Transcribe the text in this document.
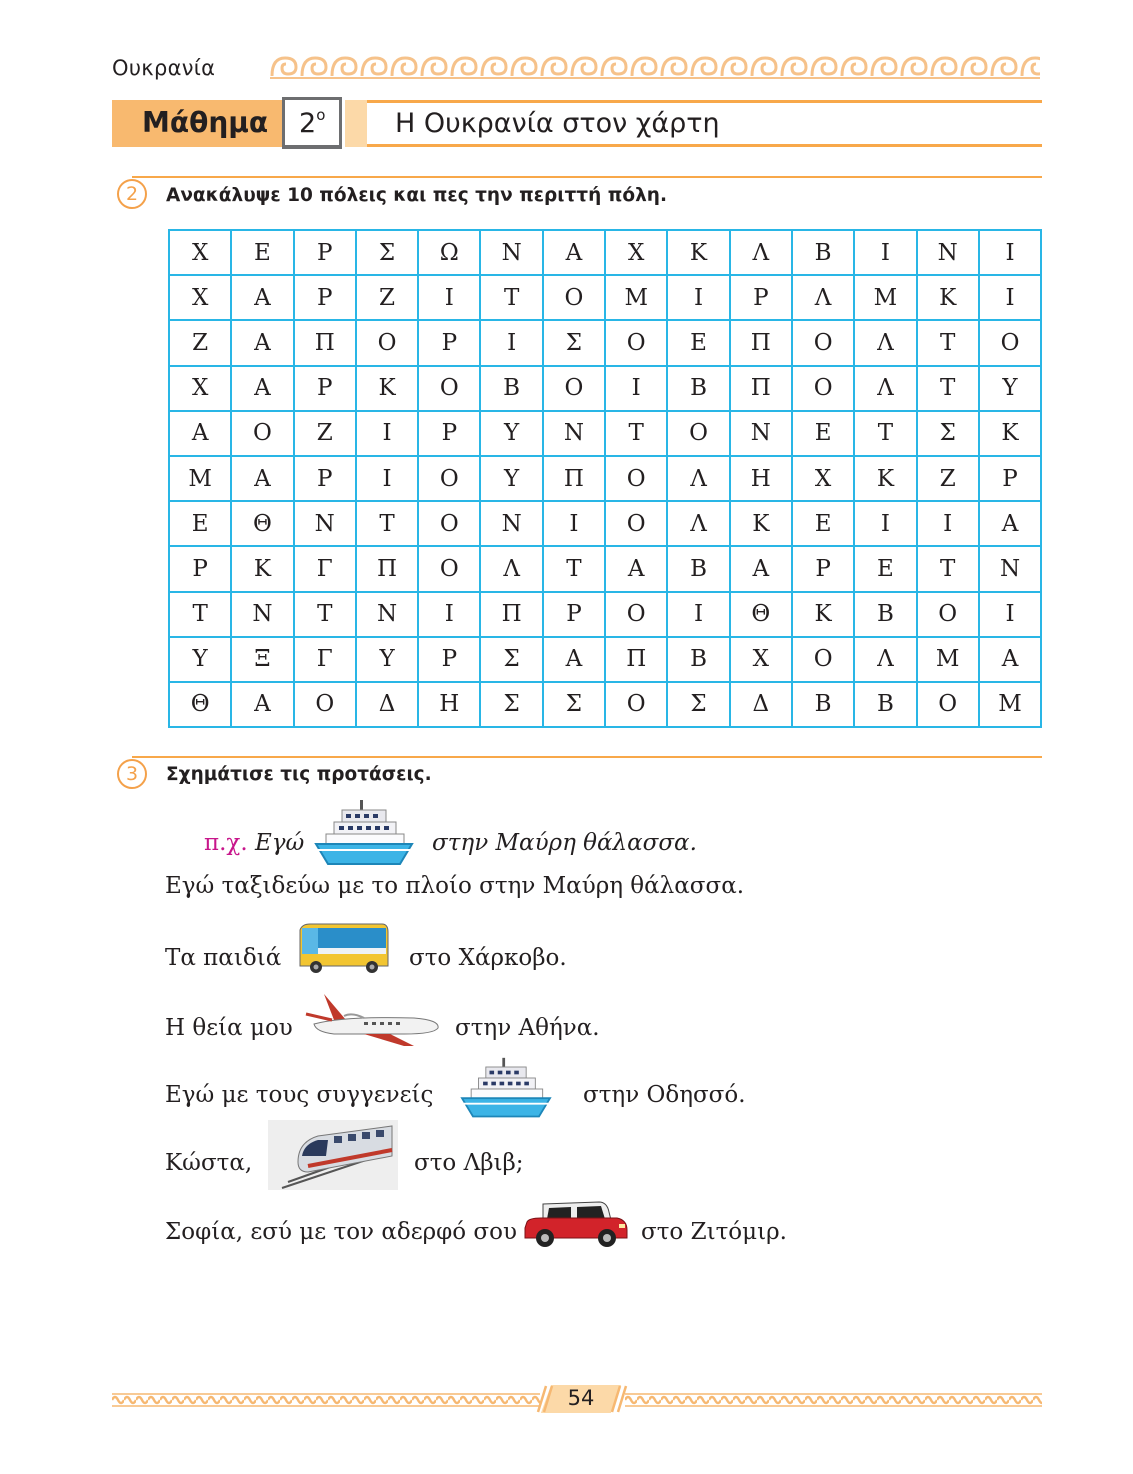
Ουκρανία
Μάθημα $2^o$	Η Ουκρανία στον χάρτη
2	Ανακάλυψε 10 πόλεις και πες την περιττή πόλη.
Χ	Ε	Ρ	Σ	Ω	Ν	Α	Χ	Κ	Λ	Β	Ι	Ν	Ι
Χ	Α	Ρ	Ζ	Ι	Τ	Ο	Μ	Ι	Ρ	Λ	Μ	Κ	Ι
Ζ	Α	Π	Ο	Ρ	Ι	Σ	Ο	Ε	Π	Ο	Λ	Τ	Ο
Χ	Α	Ρ	Κ	Ο	Β	Ο	Ι	Β	Π	Ο	Λ	Τ	Υ
Α	Ο	Ζ	Ι	Ρ	Υ	Ν	Τ	Ο	Ν	Ε	Τ	Σ	Κ
Μ	Α	Ρ	Ι	Ο	Υ	Π	Ο	Λ	Η	Χ	Κ	Ζ	Ρ
Ε	Θ	Ν	Τ	Ο	Ν	Ι	Ο	Λ	Κ	Ε	Ι	Ι	Α
Ρ	Κ	Γ	Π	Ο	Λ	Τ	Α	Β	Α	Ρ	Ε	Τ	Ν
Τ	Ν	Τ	Ν	Ι	Π	Ρ	Ο	Ι	Θ	Κ	Β	Ο	Ι
Υ	Ξ	Γ	Υ	Ρ	Σ	Α	Π	Β	Χ	Ο	Λ	Μ	Α
Θ	Α	Ο	Δ	Η	Σ	Σ	Ο	Σ	Δ	Β	Β	Ο	Μ
3	Σχημάτισε τις προτάσεις.
π.χ. Εγώ	στην Μαύρη θάλασσα.
Εγώ ταξιδεύω με το πλοίο στην Μαύρη θάλασσα.
Τα παιδιά	στο Χάρκοβο.
Η θεία μου	στην Αθήνα.
Εγώ με τους συγγενείς	στην Οδησσό.
Κώστα,	στο Λβιβ;
Σοφία, εσύ με τον αδερφό σου	στο Ζιτόμιρ.
54
